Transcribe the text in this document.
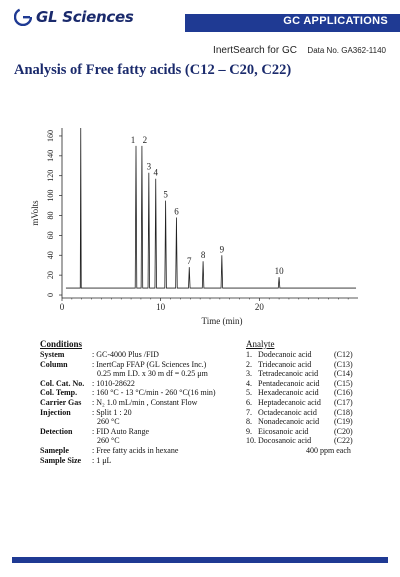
GL Sciences	GC APPLICATIONS
InertSearch for GC Data No. GA362-1140
Analysis of Free fatty acids (C12 – C20, C22)
0
20
40
60
80
100
120
140
160
0	10	20
mVolts
Time (min)
1 2
3
4
5
6
7
8
9
10
Conditions
System	: GC-4000 Plus /FID
Column	: InertCap FFAP (GL Sciences Inc.)
0.25 mm I.D. x 30 m df = 0.25 μm
Col. Cat. No. : 1010-28622
Col. Temp.	: 160 °C - 13 °C/min - 260 °C(16 min)
Carrier Gas	: N₂ 1.0 mL/min , Constant Flow
Injection	: Split 1 : 20
260 °C
Detection	: FID Auto Range
260 °C
Sameple	: Free fatty acids in hexane
Sample Size	: 1 μL
Analyte
1. Dodecanoic acid	(C12)
2. Tridecanoic acid	(C13)
3. Tetradecanoic acid	(C14)
4. Pentadecanoic acid	(C15)
5. Hexadecanoic acid	(C16)
6. Heptadecanoic acid	(C17)
7. Octadecanoic acid	(C18)
8. Nonadecanoic acid	(C19)
9. Eicosanoic acid	(C20)
10. Docosanoic acid	(C22)
400 ppm each
